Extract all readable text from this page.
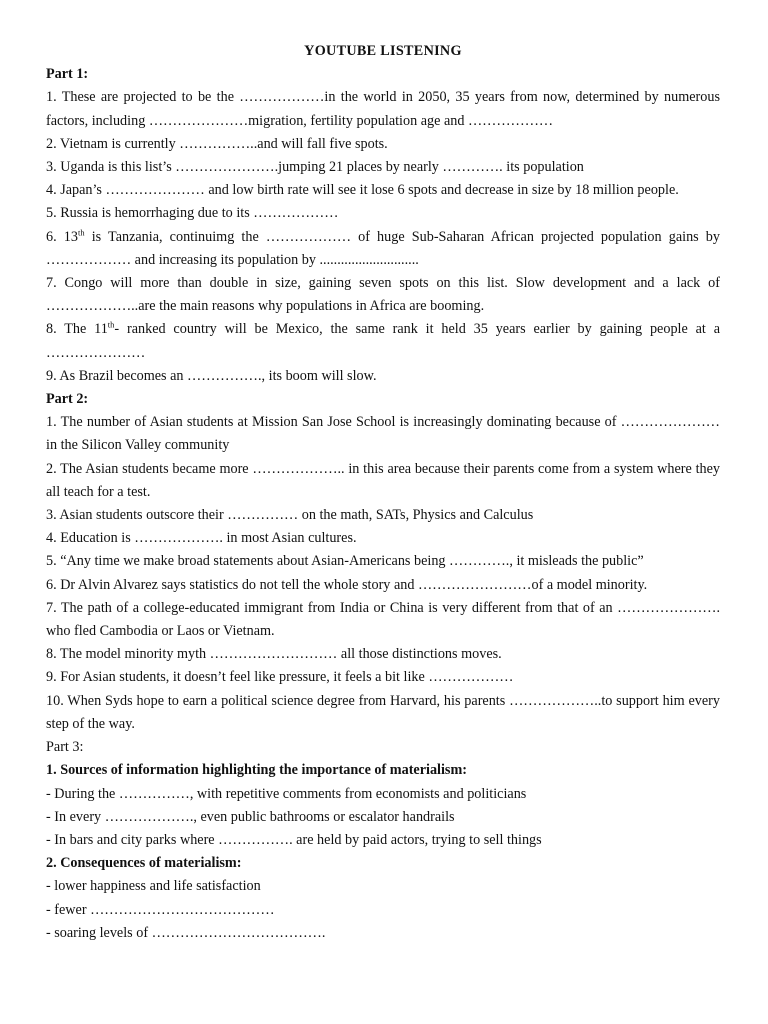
YOUTUBE LISTENING
Part 1:

1. These are projected to be the ………………in the world in 2050, 35 years from now, determined by numerous factors, including …………………migration, fertility population age and ………………

2. Vietnam is currently ……………..and will fall five spots.

3. Uganda is this list’s ………………….jumping 21 places by nearly …………. its population

4. Japan’s ………………… and low birth rate will see it lose 6 spots and decrease in size by 18 million people.

5. Russia is hemorrhaging due to its ………………

6. 13th is Tanzania, continuimg the ……………… of huge Sub-Saharan African projected population gains by ……………… and increasing its population by ............................

7. Congo will more than double in size, gaining seven spots on this list. Slow development and a lack of ………………..are the main reasons why populations in Africa are booming.

8. The 11th- ranked country will be Mexico, the same rank it held 35 years earlier by gaining people at a …………………

9. As Brazil becomes an ……………., its boom will slow.

Part 2:

1. The number of Asian students at Mission San Jose School is increasingly dominating because of …………………in the Silicon Valley community

2. The Asian students became more ……………….. in this area because their parents come from a system where they all teach for a test.

3. Asian students outscore their …………… on the math, SATs, Physics and Calculus

4. Education is ………………. in most Asian cultures.

5. “Any time we make broad statements about Asian-Americans being …………., it misleads the public”

6. Dr Alvin Alvarez says statistics do not tell the whole story and ……………………of a model minority.

7. The path of a college-educated immigrant from India or China is very different from that of an …………………. who fled Cambodia or Laos or Vietnam.

8. The model minority myth ……………………… all those distinctions moves.

9. For Asian students, it doesn’t feel like pressure, it feels a bit like ………………

10. When Syds hope to earn a political science degree from Harvard, his parents ………………..to support him every step of the way.

Part 3:
1. Sources of information highlighting the importance of materialism:

- During the ……………, with repetitive comments from economists and politicians

- In every ………………., even public bathrooms or escalator handrails

- In bars and city parks where ……………. are held by paid actors, trying to sell things

2. Consequences of materialism:

- lower happiness and life satisfaction

- fewer …………………………………

- soaring levels of ……………………………….
